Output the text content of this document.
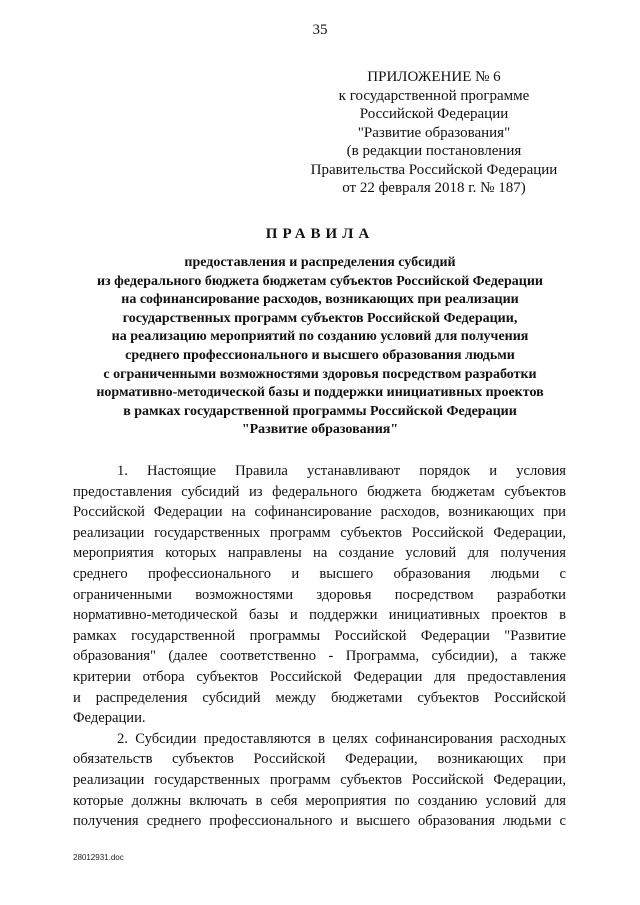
35
ПРИЛОЖЕНИЕ № 6
к государственной программе
Российской Федерации
"Развитие образования"
(в редакции постановления
Правительства Российской Федерации
от 22 февраля 2018 г. № 187)
ПРАВИЛА
предоставления и распределения субсидий
из федерального бюджета бюджетам субъектов Российской Федерации
на софинансирование расходов, возникающих при реализации
государственных программ субъектов Российской Федерации,
на реализацию мероприятий по созданию условий для получения
среднего профессионального и высшего образования людьми
с ограниченными возможностями здоровья посредством разработки
нормативно-методической базы и поддержки инициативных проектов
в рамках государственной программы Российской Федерации
"Развитие образования"
1. Настоящие Правила устанавливают порядок и условия
предоставления субсидий из федерального бюджета бюджетам субъектов
Российской Федерации на софинансирование расходов, возникающих при
реализации государственных программ субъектов Российской Федерации,
мероприятия которых направлены на создание условий для получения
среднего профессионального и высшего образования людьми с
ограниченными возможностями здоровья посредством разработки
нормативно-методической базы и поддержки инициативных проектов в
рамках государственной программы Российской Федерации "Развитие
образования" (далее соответственно - Программа, субсидии), а также
критерии отбора субъектов Российской Федерации для предоставления
и распределения субсидий между бюджетами субъектов Российской
Федерации.
2. Субсидии предоставляются в целях софинансирования расходных
обязательств субъектов Российской Федерации, возникающих при
реализации государственных программ субъектов Российской Федерации,
которые должны включать в себя мероприятия по созданию условий для
получения среднего профессионального и высшего образования людьми с
28012931.doc
